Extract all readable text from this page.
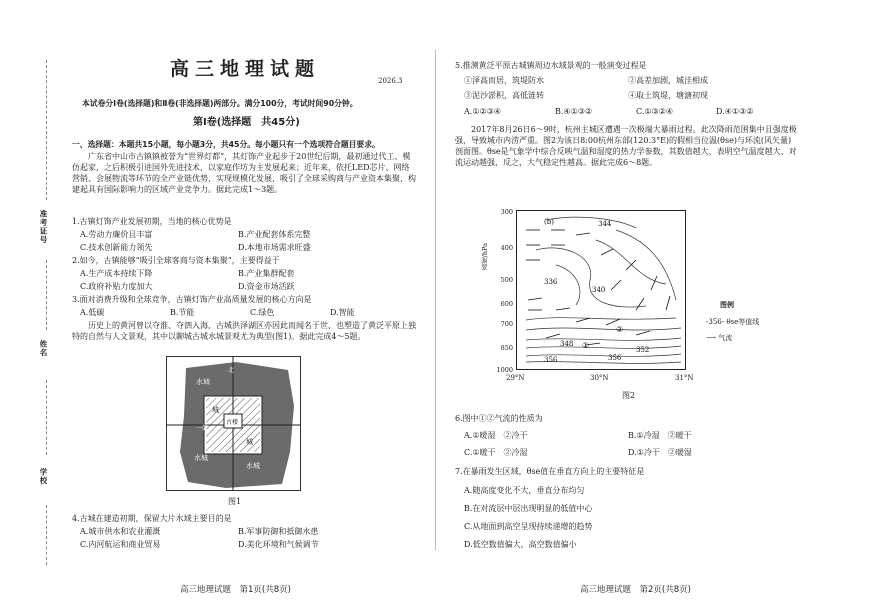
准考证号
姓名
学校
高三地理试题
2026.3
本试卷分Ⅰ卷(选择题)和Ⅱ卷(非选择题)两部分。满分100分，考试时间90分钟。
第Ⅰ卷(选择题　共45分)
一、选择题：本题共15小题，每小题3分，共45分。每小题只有一个选项符合题目要求。
广东省中山市古镇镇被誉为“世界灯都”，其灯饰产业起步于20世纪后期，最初通过代工、模仿起家，之后积极引进国外先进技术，以家庭作坊为主发展起来；近年来，依托LED芯片、网络营销、会展物流等环节的全产业链优势，实现规模化发展，吸引了全球采购商与产业资本集聚，构建起具有国际影响力的区域产业竞争力。据此完成1～3题。
1.古镇灯饰产业发展初期，当地的核心优势是
A.劳动力廉价且丰富	B.产业配套体系完整
C.技术创新能力领先	D.本地市场需求旺盛
2.如今，古镇能够“吸引全球客商与资本集聚”，主要得益于
A.生产成本持续下降	B.产业集群配套
C.政府补贴力度加大	D.资金市场活跃
3.面对消费升级和全球竞争，古镇灯饰产业高质量发展的核心方向是
A.低碳	B.节能	C.绿色	D.智能
历史上的黄河曾以夺淮、夺泗入海，古城洪泽湖区亦因此而闻名于世，也塑造了黄泛平原上独特的自然与人文景观，其中以聊城古城水城景观尤为典型(图1)。据此完成4～5题。
水域
城
城
古楼
一鼓
水城
水城
北
图1
4.古城在建造初期，保留大片水域主要目的是
A.城市供水和农业灌溉	B.军事防御和抵御水患
C.内河航运和商业贸易	D.美化环境和气候调节
高三地理试题　第1页(共8页)
5.推测黄泛平原古城镇周边水域景观的一般演变过程是
①泽高而居，筑堤防水	②高差加剧，城洼相成
③泥沙淤积，高低涟转	④取土筑堤，塘溏初现
A.①②③④	B.④①③②	C.①③②④	D.④①③②
2017年8月26日6～9时，杭州主城区遭遇一次极端大暴雨过程。此次降雨范围集中且强度极强，导致城市内涝严重。图2为该日8:00杭州东部(120.3°E)的假相当位温(θse)与环流(风矢量)剖面图。θse是气象学中综合反映气温和湿度的热力学参数，其数值越大，表明空气温度越大、对流运动越强，反之，大气稳定性越高。据此完成6～8题。
高度/hPa
300
400
500
600
700
850
1000
(b)	344
336
340
348
356	356
352
①
②
29°N	30°N	31°N
图2
图例
-356- θse等值线
⟶ 气流
6.图中①②气流的性质为
A.①暖湿　②冷干	B.①冷湿　②暖干
C.①暖干　②冷湿	D.①冷干　②暖湿
7.在暴雨发生区域，θse值在垂直方向上的主要特征是
A.随高度变化不大，垂直分布均匀
B.在对流层中层出现明显的低值中心
C.从地面到高空呈现持续递增的趋势
D.低空数值偏大，高空数值偏小
高三地理试题　第2页(共8页)
